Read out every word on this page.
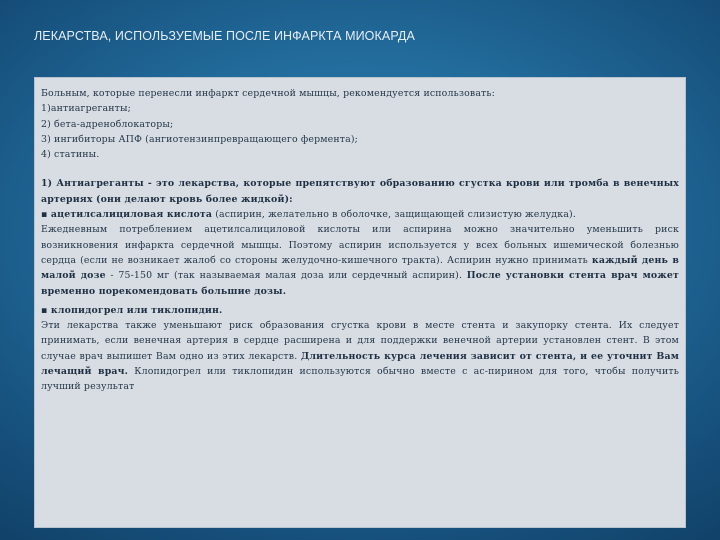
ЛЕКАРСТВА, ИСПОЛЬЗУЕМЫЕ ПОСЛЕ ИНФАРКТА МИОКАРДА

Больным, которые перенесли инфаркт сердечной мышцы, рекомендуется использовать:

1)антиагреганты;

2) бета-адреноблокаторы;

3) ингибиторы АПФ (ангиотензинпревращающего фермента);

4) статины.

1) Антиагреганты - это лекарства, которые препятствуют образованию сгустка крови или тромба в венечных артериях (они делают кровь более жидкой):

▪ ацетилсалициловая кислота (аспирин, желательно в оболочке, защищающей слизистую желудка).

Ежедневным потреблением ацетилсалициловой кислоты или аспирина можно значительно уменьшить риск возникновения инфаркта сердечной мышцы. Поэтому аспирин используется у всех больных ишемической болезнью сердца (если не возникает жалоб со стороны желудочно-кишечного тракта). Аспирин нужно принимать каждый день в малой дозе - 75-150 мг (так называемая малая доза или сердечный аспирин). После установки стента врач может временно порекомендовать большие дозы.

▪ клопидогрел или тиклопидин.

Эти лекарства также уменьшают риск образования сгустка крови в месте стента и закупорку стента. Их следует принимать, если венечная артерия в сердце расширена и для поддержки венечной артерии установлен стент. В этом случае врач выпишет Вам одно из этих лекарств. Длительность курса лечения зависит от стента, и ее уточнит Вам лечащий врач. Клопидогрел или тиклопидин используются обычно вместе с ас-пирином для того, чтобы получить лучший результат
